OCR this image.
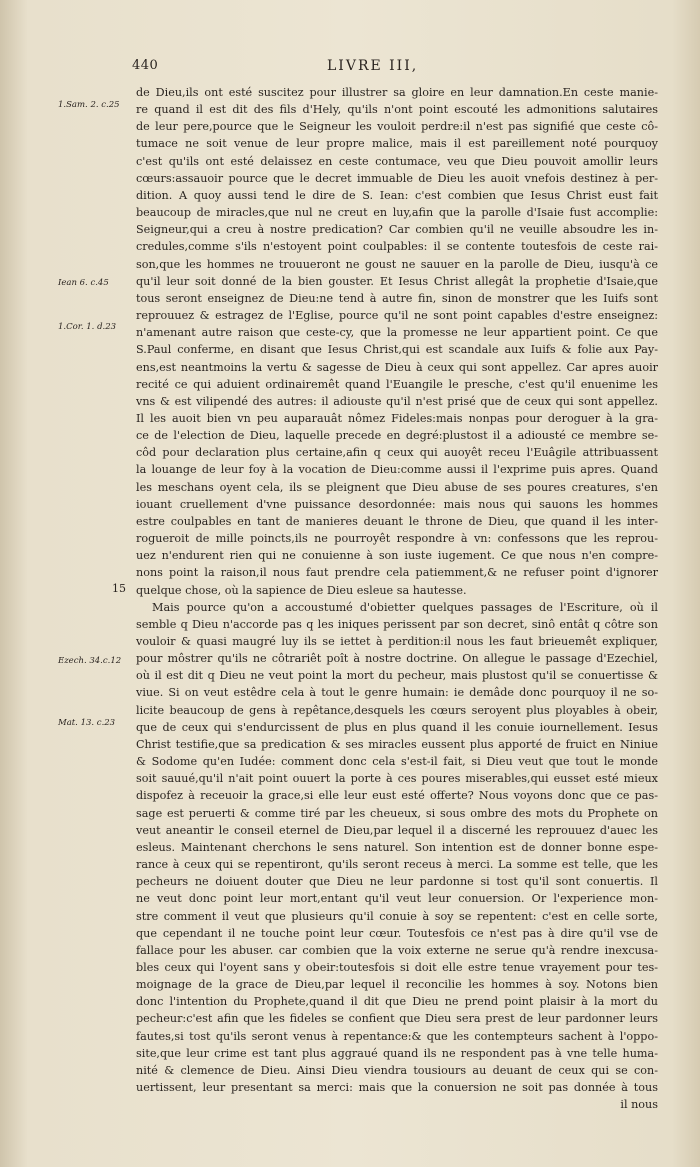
440	LIVRE III,
1.Sam. 2. c.25
Iean 6. c.45
1.Cor. 1. d.23
Ezech. 34.c.12
Mat. 13. c.23
15
de Dieu,ils ont esté suscitez pour illustrer sa gloire en leur damnation.En ceste manie-
re quand il est dit des fils d'Hely, qu'ils n'ont point escouté les admonitions salutaires
de leur pere,pource que le Seigneur les vouloit perdre:il n'est pas signifié que ceste cô-
tumace ne soit venue de leur propre malice, mais il est pareillement noté pourquoy
c'est qu'ils ont esté delaissez en ceste contumace, veu que Dieu pouvoit amollir leurs
cœurs:assauoir pource que le decret immuable de Dieu les auoit vnefois destinez à per-
dition. A quoy aussi tend le dire de S. Iean: c'est combien que Iesus Christ eust fait
beaucoup de miracles,que nul ne creut en luy,afin que la parolle d'Isaie fust accomplie:
Seigneur,qui a creu à nostre predication? Car combien qu'il ne veuille absoudre les in-
credules,comme s'ils n'estoyent point coulpables: il se contente toutesfois de ceste rai-
son,que les hommes ne trouueront ne goust ne sauuer en la parolle de Dieu, iusqu'à ce
qu'il leur soit donné de la bien gouster. Et Iesus Christ allegât la prophetie d'Isaie,que
tous seront enseignez de Dieu:ne tend à autre fin, sinon de monstrer que les Iuifs sont
reprouuez & estragez de l'Eglise, pource qu'il ne sont point capables d'estre enseignez:
n'amenant autre raison que ceste-cy, que la promesse ne leur appartient point. Ce que
S.Paul conferme, en disant que Iesus Christ,qui est scandale aux Iuifs & folie aux Pay-
ens,est neantmoins la vertu & sagesse de Dieu à ceux qui sont appellez. Car apres auoir
recité ce qui aduient ordinairemêt quand l'Euangile le presche, c'est qu'il enuenime les
vns & est vilipendé des autres: il adiouste qu'il n'est prisé que de ceux qui sont appellez.
Il les auoit bien vn peu auparauât nômez Fideles:mais nonpas pour deroguer à la gra-
ce de l'election de Dieu, laquelle precede en degré:plustost il a adiousté ce membre se-
côd pour declaration plus certaine,afin q ceux qui auoyêt receu l'Euâgile attribuassent
la louange de leur foy à la vocation de Dieu:comme aussi il l'exprime puis apres. Quand
les meschans oyent cela, ils se pleignent que Dieu abuse de ses poures creatures, s'en
iouant cruellement d'vne puissance desordonnée: mais nous qui sauons les hommes
estre coulpables en tant de manieres deuant le throne de Dieu, que quand il les inter-
rogueroit de mille poincts,ils ne pourroyêt respondre à vn: confessons que les reprou-
uez n'endurent rien qui ne conuienne à son iuste iugement. Ce que nous n'en compre-
nons point la raison,il nous faut prendre cela patiemment,& ne refuser point d'ignorer
quelque chose, où la sapience de Dieu esleue sa hautesse.
Mais pource qu'on a accoustumé d'obietter quelques passages de l'Escriture, où il
semble q Dieu n'accorde pas q les iniques perissent par son decret, sinô entât q côtre son
vouloir & quasi maugré luy ils se iettet à perdition:il nous les faut brieuemêt expliquer,
pour môstrer qu'ils ne côtrariêt poît à nostre doctrine. On allegue le passage d'Ezechiel,
où il est dit q Dieu ne veut point la mort du pecheur, mais plustost qu'il se conuertisse &
viue. Si on veut estêdre cela à tout le genre humain: ie demâde donc pourquoy il ne so-
licite beaucoup de gens à repêtance,desquels les cœurs seroyent plus ployables à obeir,
que de ceux qui s'endurcissent de plus en plus quand il les conuie iournellement. Iesus
Christ testifie,que sa predication & ses miracles eussent plus apporté de fruict en Niniue
& Sodome qu'en Iudée: comment donc cela s'est-il fait, si Dieu veut que tout le monde
soit sauué,qu'il n'ait point ouuert la porte à ces poures miserables,qui eusset esté mieux
dispofez à receuoir la grace,si elle leur eust esté offerte? Nous voyons donc que ce pas-
sage est peruerti & comme tiré par les cheueux, si sous ombre des mots du Prophete on
veut aneantir le conseil eternel de Dieu,par lequel il a discerné les reprouuez d'auec les
esleus. Maintenant cherchons le sens naturel. Son intention est de donner bonne espe-
rance à ceux qui se repentiront, qu'ils seront receus à merci. La somme est telle, que les
pecheurs ne doiuent douter que Dieu ne leur pardonne si tost qu'il sont conuertis. Il
ne veut donc point leur mort,entant qu'il veut leur conuersion. Or l'experience mon-
stre comment il veut que plusieurs qu'il conuie à soy se repentent: c'est en celle sorte,
que cependant il ne touche point leur cœur. Toutesfois ce n'est pas à dire qu'il vse de
fallace pour les abuser. car combien que la voix externe ne serue qu'à rendre inexcusa-
bles ceux qui l'oyent sans y obeir:toutesfois si doit elle estre tenue vrayement pour tes-
moignage de la grace de Dieu,par lequel il reconcilie les hommes à soy. Notons bien
donc l'intention du Prophete,quand il dit que Dieu ne prend point plaisir à la mort du
pecheur:c'est afin que les fideles se confient que Dieu sera prest de leur pardonner leurs
fautes,si tost qu'ils seront venus à repentance:& que les contempteurs sachent à l'oppo-
site,que leur crime est tant plus aggraué quand ils ne respondent pas à vne telle huma-
nité & clemence de Dieu. Ainsi Dieu viendra tousiours au deuant de ceux qui se con-
uertissent, leur presentant sa merci: mais que la conuersion ne soit pas donnée à tous
il nous
